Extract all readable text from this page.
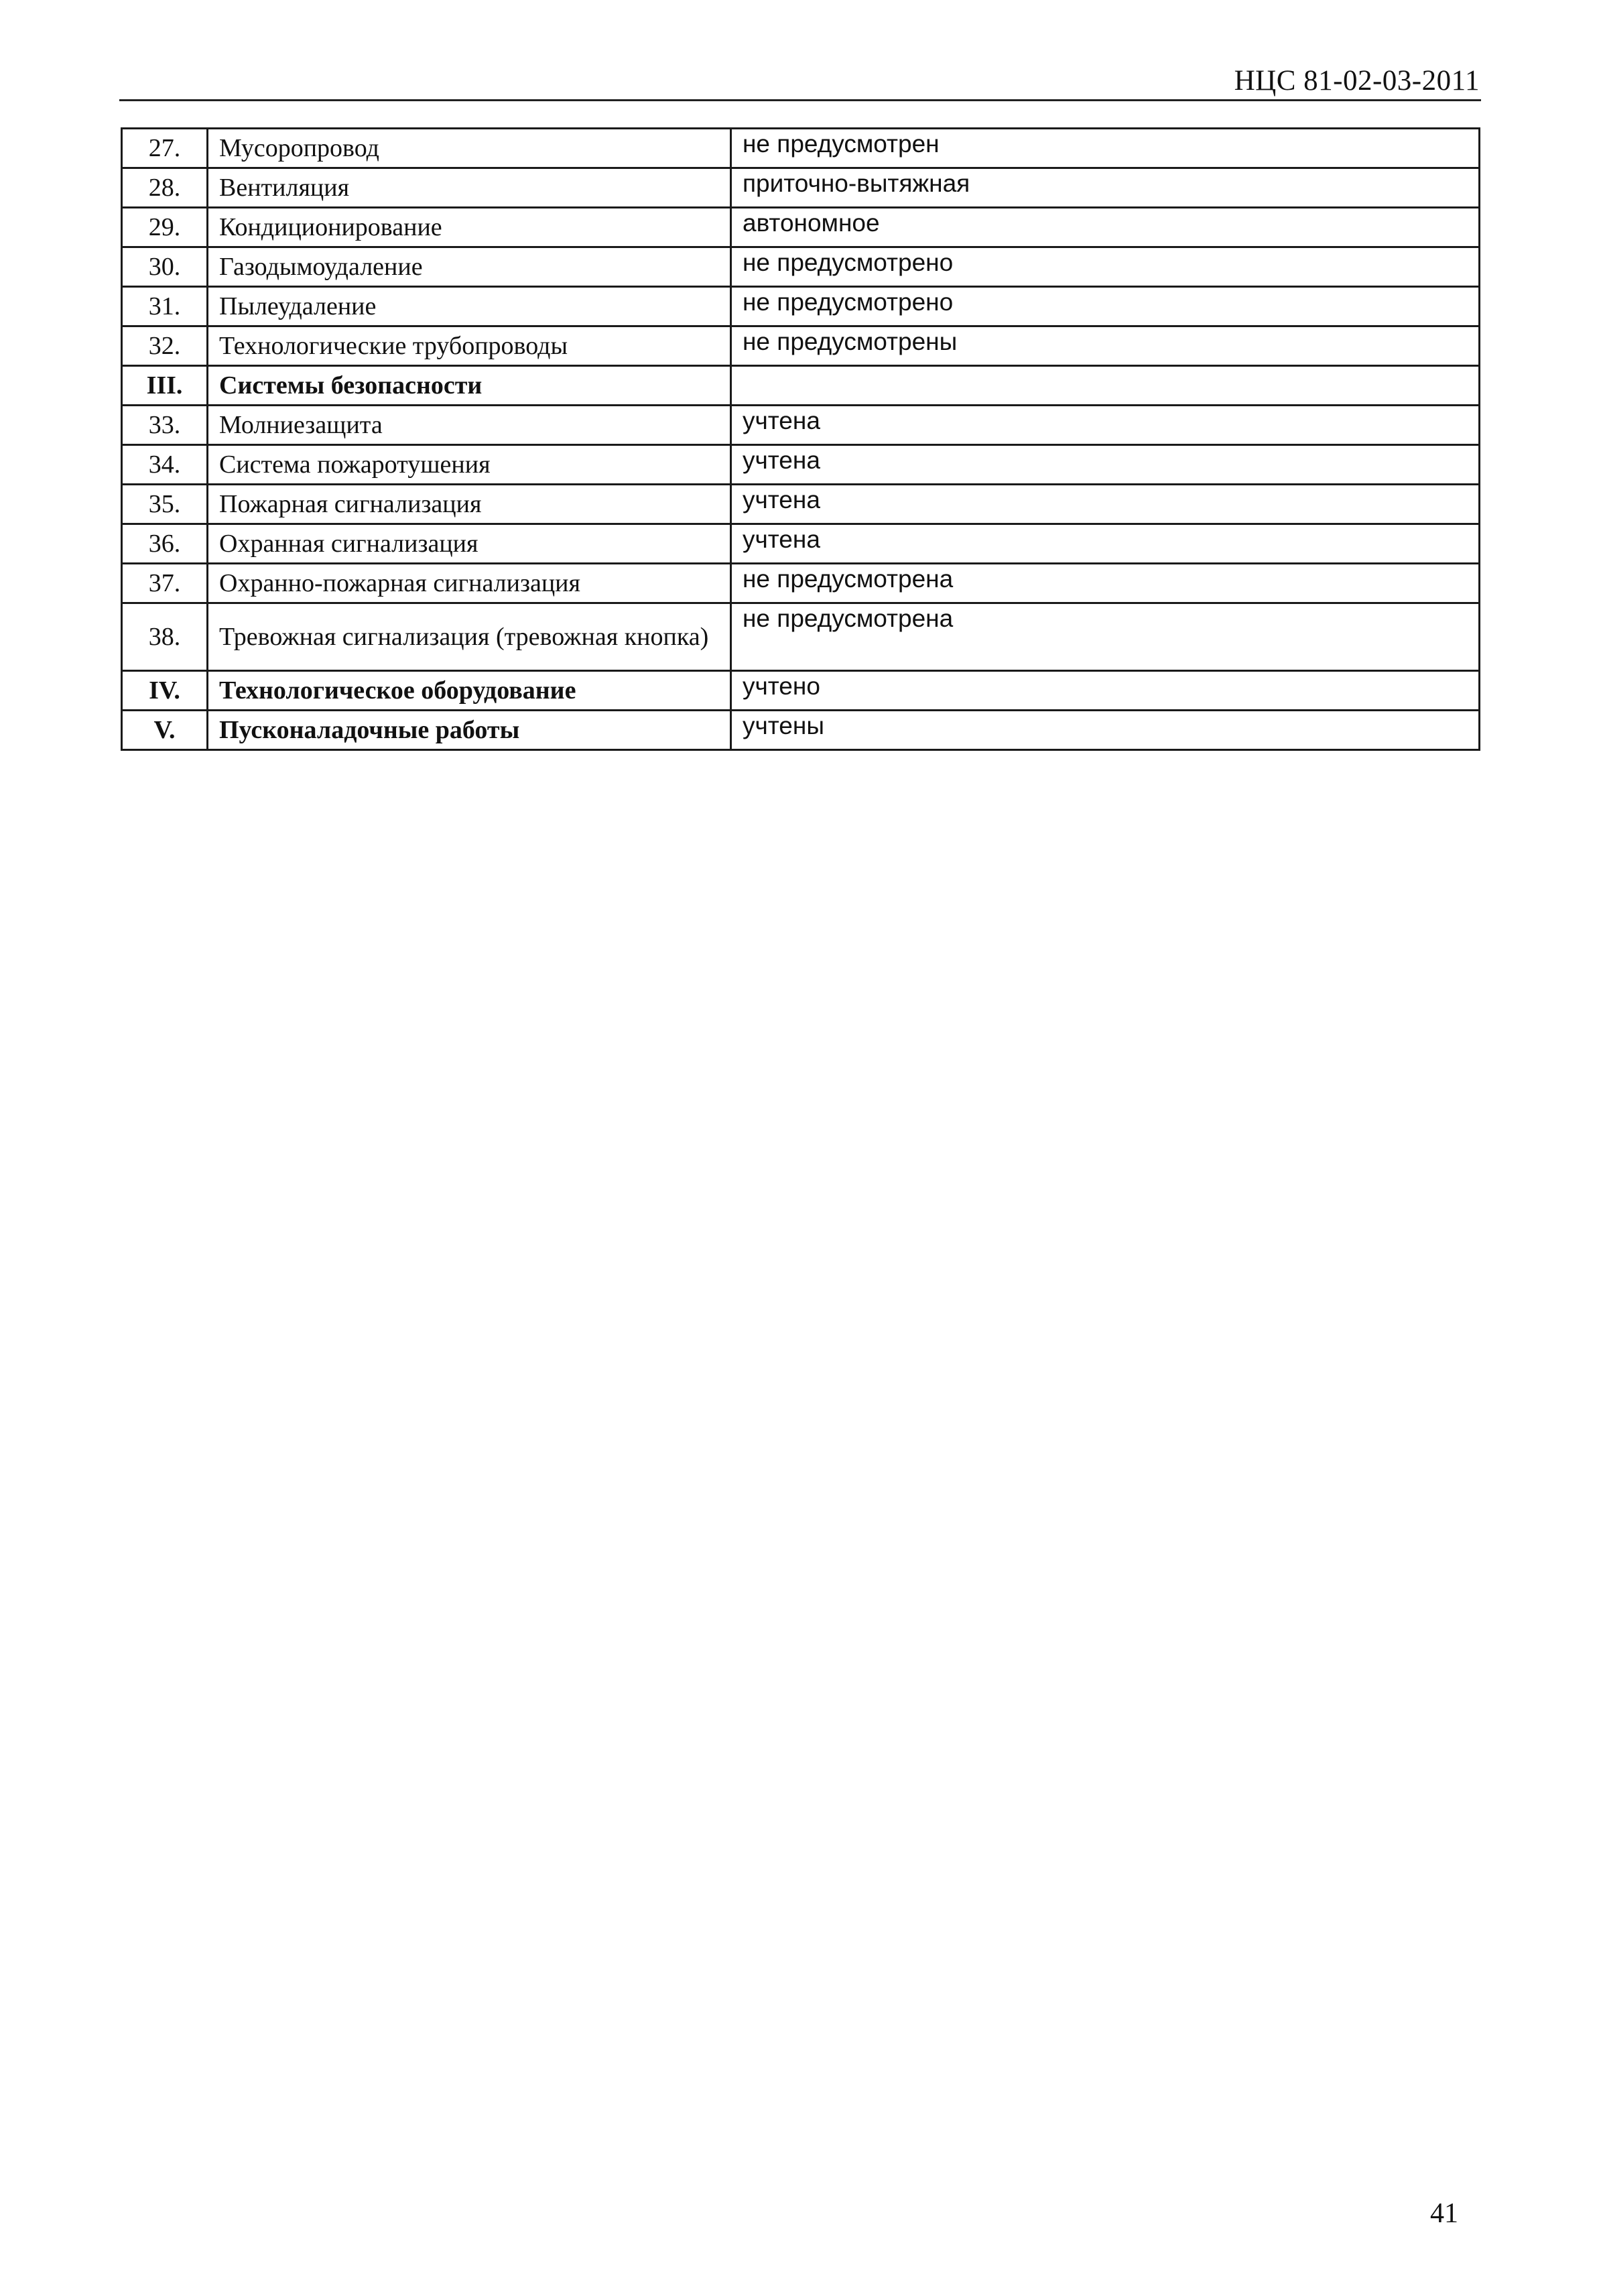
НЦС 81-02-03-2011
27.	Мусоропровод	не предусмотрен
28.	Вентиляция	приточно-вытяжная
29.	Кондиционирование	автономное
30.	Газодымоудаление	не предусмотрено
31.	Пылеудаление	не предусмотрено
32.	Технологические трубопроводы	не предусмотрены
III.	Системы безопасности	
33.	Молниезащита	учтена
34.	Система пожаротушения	учтена
35.	Пожарная сигнализация	учтена
36.	Охранная сигнализация	учтена
37.	Охранно-пожарная сигнализация	не предусмотрена
38.	Тревожная сигнализация (тревожная кнопка)	не предусмотрена
IV.	Технологическое оборудование	учтено
V.	Пусконаладочные работы	учтены
41
